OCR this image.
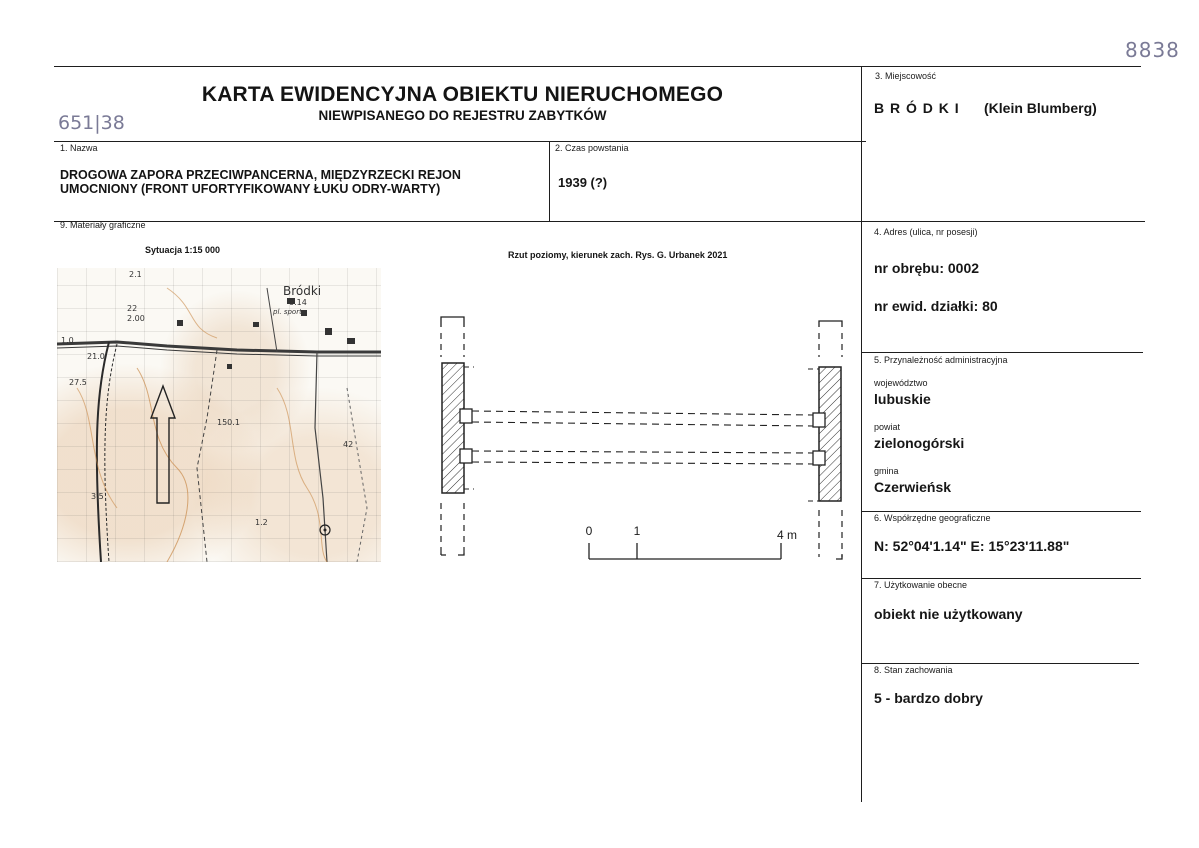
8838
651|38
KARTA EWIDENCYJNA OBIEKTU NIERUCHOMEGO
NIEWPISANEGO DO REJESTRU ZABYTKÓW
1. Nazwa
DROGOWA ZAPORA PRZECIWPANCERNA, MIĘDZYRZECKI REJON UMOCNIONY (FRONT UFORTYFIKOWANY ŁUKU ODRY-WARTY)
2. Czas powstania
1939 (?)
3. Miejscowość
B R Ó D K I (Klein Blumberg)
4. Adres (ulica, nr posesji)
nr obrębu: 0002
nr ewid. działki: 80
5. Przynależność administracyjna
województwo
lubuskie
powiat
zielonogórski
gmina
Czerwieńsk
6. Współrzędne geograficzne
N: 52°04'1.14" E: 15°23'11.88"
7. Użytkowanie obecne
obiekt nie użytkowany
8. Stan zachowania
5 - bardzo dobry
9. Materiały graficzne
Sytuacja 1:15 000	Rzut poziomy, kierunek zach. Rys. G. Urbanek 2021
Bródki
0.14
2.1
150.1
1.2
1.0
22
2.00
21.0
3.5
27.5
42
pl. sport.
0	1	4 m
